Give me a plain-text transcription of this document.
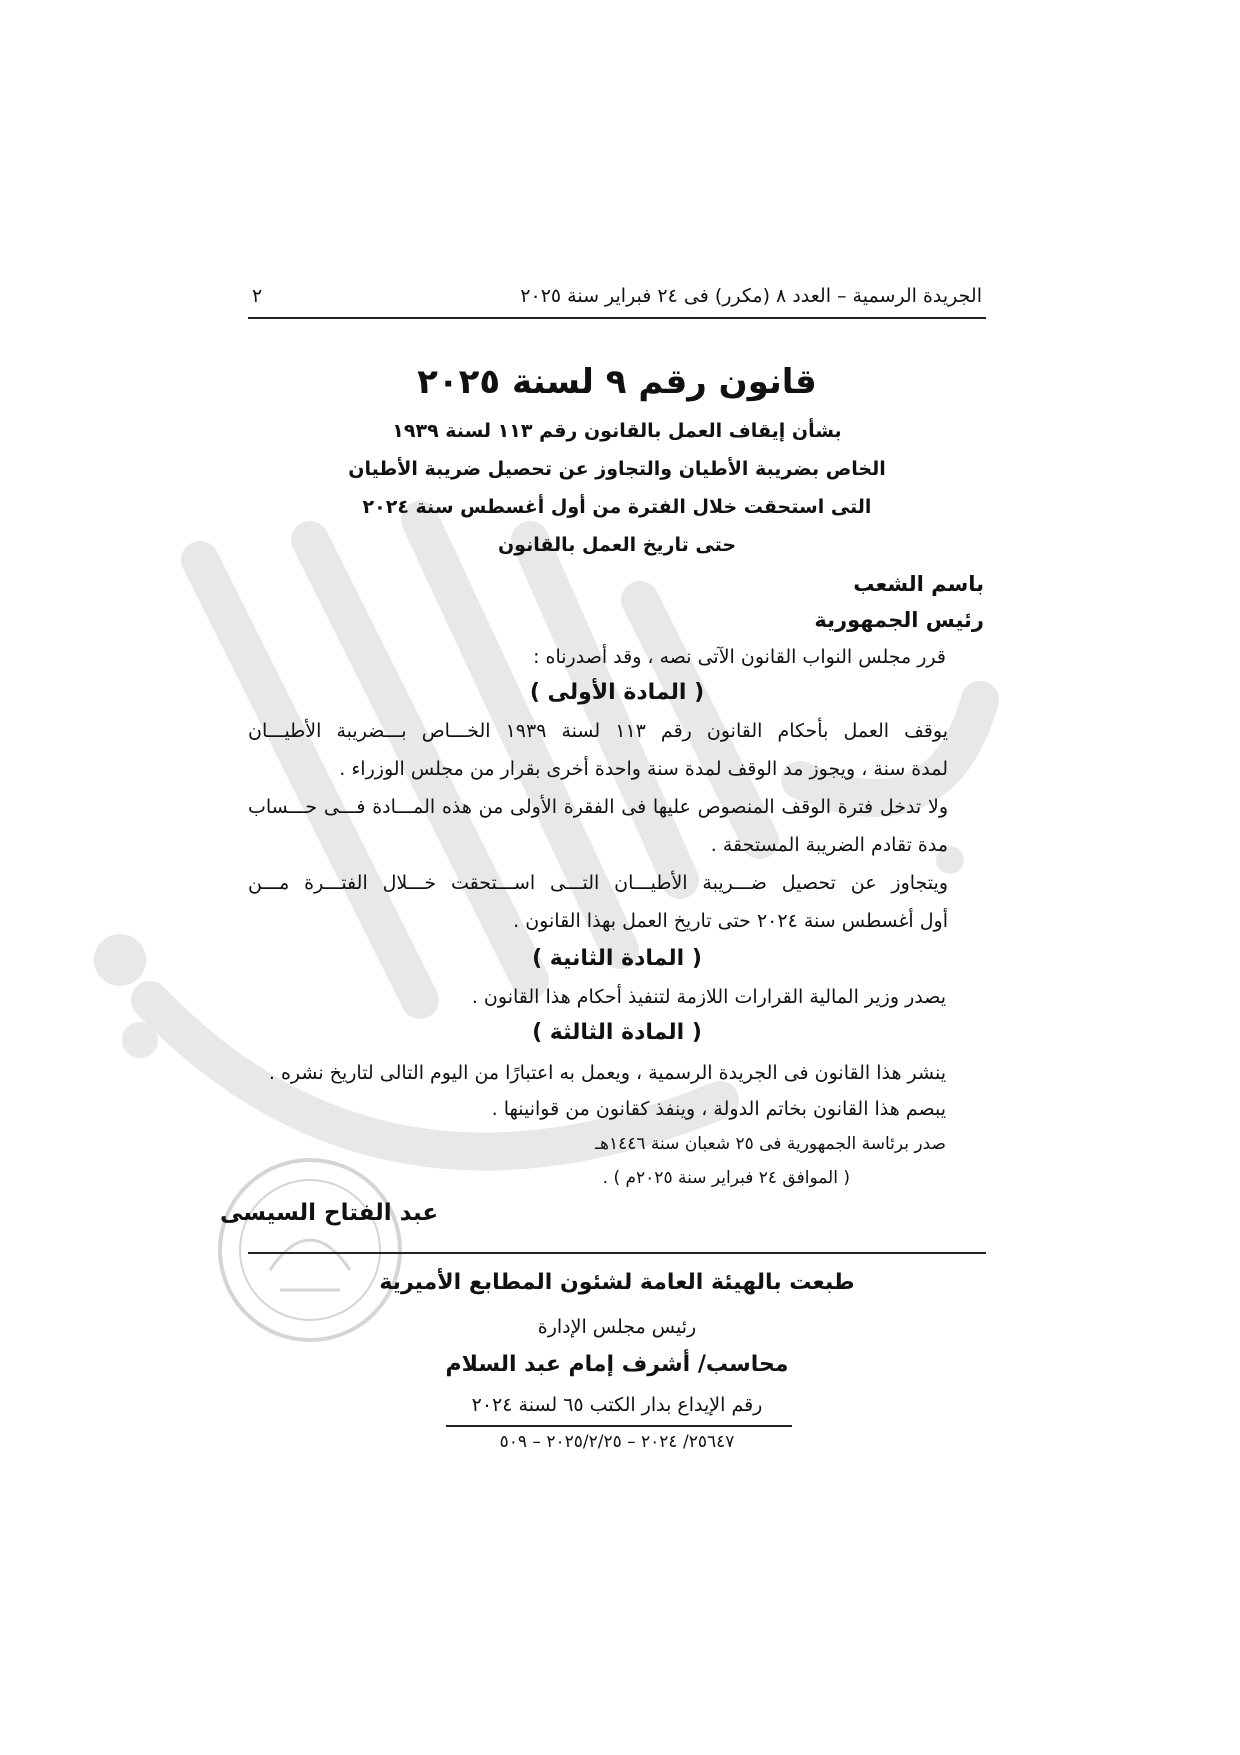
٢	الجريدة الرسمية – العدد ٨ (مكرر) فى ٢٤ فبراير سنة ٢٠٢٥
قانون رقم ٩ لسنة ٢٠٢٥
بشأن إيقاف العمل بالقانون رقم ١١٣ لسنة ١٩٣٩
الخاص بضريبة الأطيان والتجاوز عن تحصيل ضريبة الأطيان
التى استحقت خلال الفترة من أول أغسطس سنة ٢٠٢٤
حتى تاريخ العمل بالقانون
باسم الشعب
رئيس الجمهورية
قرر مجلس النواب القانون الآتى نصه ، وقد أصدرناه :
( المادة الأولى )
يوقف العمل بأحكام القانون رقم ١١٣ لسنة ١٩٣٩ الخـــاص بـــضريبة الأطيـــان
لمدة سنة ، ويجوز مد الوقف لمدة سنة واحدة أخرى بقرار من مجلس الوزراء .
ولا تدخل فترة الوقف المنصوص عليها فى الفقرة الأولى من هذه المـــادة فـــى حـــساب
مدة تقادم الضريبة المستحقة .
ويتجاوز عن تحصيل ضـــريبة الأطيـــان التـــى اســـتحقت خـــلال الفتـــرة مـــن
أول أغسطس سنة ٢٠٢٤ حتى تاريخ العمل بهذا القانون .
( المادة الثانية )
يصدر وزير المالية القرارات اللازمة لتنفيذ أحكام هذا القانون .
( المادة الثالثة )
ينشر هذا القانون فى الجريدة الرسمية ، ويعمل به اعتبارًا من اليوم التالى لتاريخ نشره .
يبصم هذا القانون بخاتم الدولة ، وينفذ كقانون من قوانينها .
صدر برئاسة الجمهورية فى ٢٥ شعبان سنة ١٤٤٦هـ
( الموافق ٢٤ فبراير سنة ٢٠٢٥م ) .
عبد الفتاح السيسى
طبعت بالهيئة العامة لشئون المطابع الأميرية
رئيس مجلس الإدارة
محاسب/ أشرف إمام عبد السلام
رقم الإيداع بدار الكتب ٦٥ لسنة ٢٠٢٤
٢٥٦٤٧/ ٢٠٢٤ – ٢٠٢٥/٢/٢٥ – ٥٠٩
